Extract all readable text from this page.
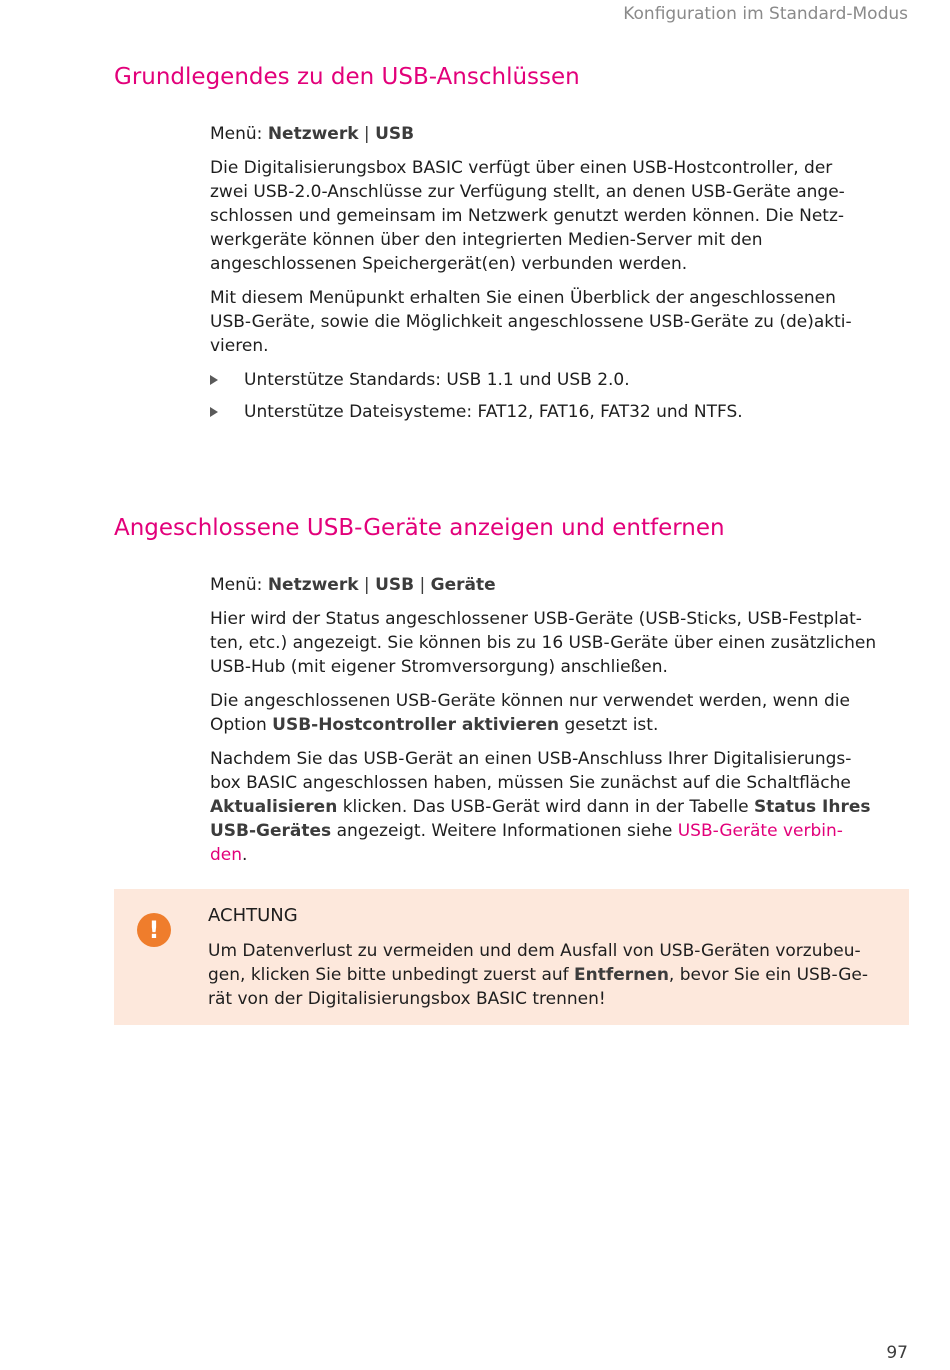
Konfiguration im Standard-Modus
Grundlegendes zu den USB-Anschlüssen

Menü: Netzwerk | USB

Die Digitalisierungsbox BASIC verfügt über einen USB-Hostcontroller, der
zwei USB-2.0-Anschlüsse zur Verfügung stellt, an denen USB-Geräte ange-
schlossen und gemeinsam im Netzwerk genutzt werden können. Die Netz-
werkgeräte können über den integrierten Medien-Server mit den
angeschlossenen Speichergerät(en) verbunden werden.

Mit diesem Menüpunkt erhalten Sie einen Überblick der angeschlossenen
USB-Geräte, sowie die Möglichkeit angeschlossene USB-Geräte zu (de)akti-
vieren.

Unterstütze Standards: USB 1.1 und USB 2.0.

Unterstütze Dateisysteme: FAT12, FAT16, FAT32 und NTFS.

Angeschlossene USB-Geräte anzeigen und entfernen

Menü: Netzwerk | USB | Geräte

Hier wird der Status angeschlossener USB-Geräte (USB-Sticks, USB-Festplat-
ten, etc.) angezeigt. Sie können bis zu 16 USB-Geräte über einen zusätzlichen
USB-Hub (mit eigener Stromversorgung) anschließen.

Die angeschlossenen USB-Geräte können nur verwendet werden, wenn die
Option USB-Hostcontroller aktivieren gesetzt ist.

Nachdem Sie das USB-Gerät an einen USB-Anschluss Ihrer Digitalisierungs-
box BASIC angeschlossen haben, müssen Sie zunächst auf die Schaltfläche
Aktualisieren klicken. Das USB-Gerät wird dann in der Tabelle Status Ihres
USB-Gerätes angezeigt. Weitere Informationen siehe USB-Geräte verbin-
den.

!

ACHTUNG

Um Datenverlust zu vermeiden und dem Ausfall von USB-Geräten vorzubeu-
gen, klicken Sie bitte unbedingt zuerst auf Entfernen, bevor Sie ein USB-Ge-
rät von der Digitalisierungsbox BASIC trennen!

97
